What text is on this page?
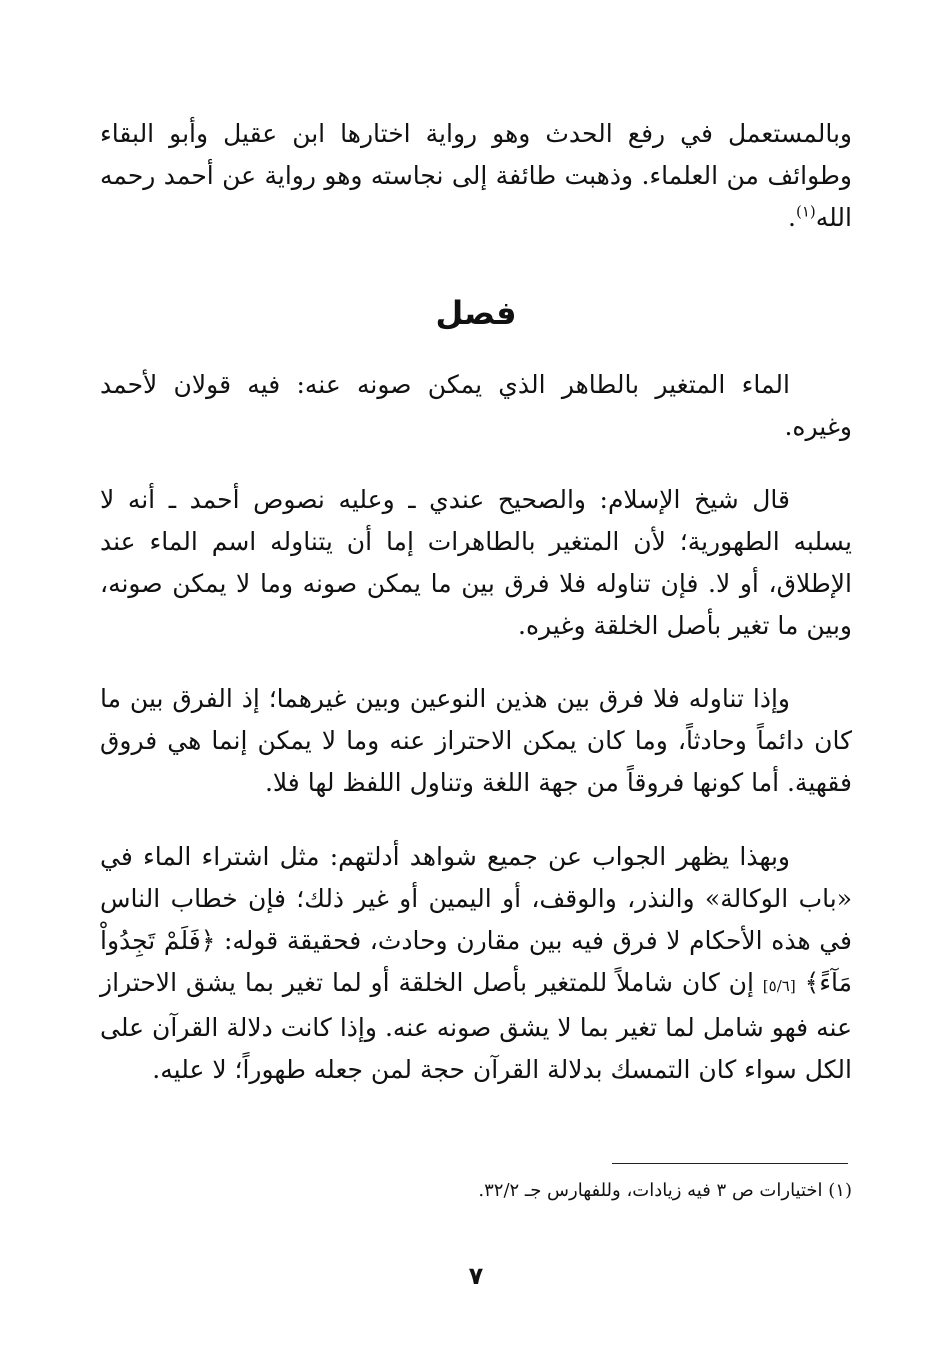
وبالمستعمل في رفع الحدث وهو رواية اختارها ابن عقيل وأبو البقاء وطوائف من العلماء. وذهبت طائفة إلى نجاسته وهو رواية عن أحمد رحمه الله$^{(١)}$.

فصل

الماء المتغير بالطاهر الذي يمكن صونه عنه: فيه قولان لأحمد وغيره.

قال شيخ الإسلام: والصحيح عندي ـ وعليه نصوص أحمد ـ أنه لا يسلبه الطهورية؛ لأن المتغير بالطاهرات إما أن يتناوله اسم الماء عند الإطلاق، أو لا. فإن تناوله فلا فرق بين ما يمكن صونه وما لا يمكن صونه، وبين ما تغير بأصل الخلقة وغيره.

وإذا تناوله فلا فرق بين هذين النوعين وبين غيرهما؛ إذ الفرق بين ما كان دائماً وحادثاً، وما كان يمكن الاحتراز عنه وما لا يمكن إنما هي فروق فقهية. أما كونها فروقاً من جهة اللغة وتناول اللفظ لها فلا.

وبهذا يظهر الجواب عن جميع شواهد أدلتهم: مثل اشتراء الماء في «باب الوكالة» والنذر، والوقف، أو اليمين أو غير ذلك؛ فإن خطاب الناس في هذه الأحكام لا فرق فيه بين مقارن وحادث، فحقيقة قوله: ﴿فَلَمْ تَجِدُواْ مَآءً﴾ [٥/٦] إن كان شاملاً للمتغير بأصل الخلقة أو لما تغير بما يشق الاحتراز عنه فهو شامل لما تغير بما لا يشق صونه عنه. وإذا كانت دلالة القرآن على الكل سواء كان التمسك بدلالة القرآن حجة لمن جعله طهوراً؛ لا عليه.

(١) اختيارات ص ٣ فيه زيادات، وللفهارس جـ ٣٢/٢.
٧
